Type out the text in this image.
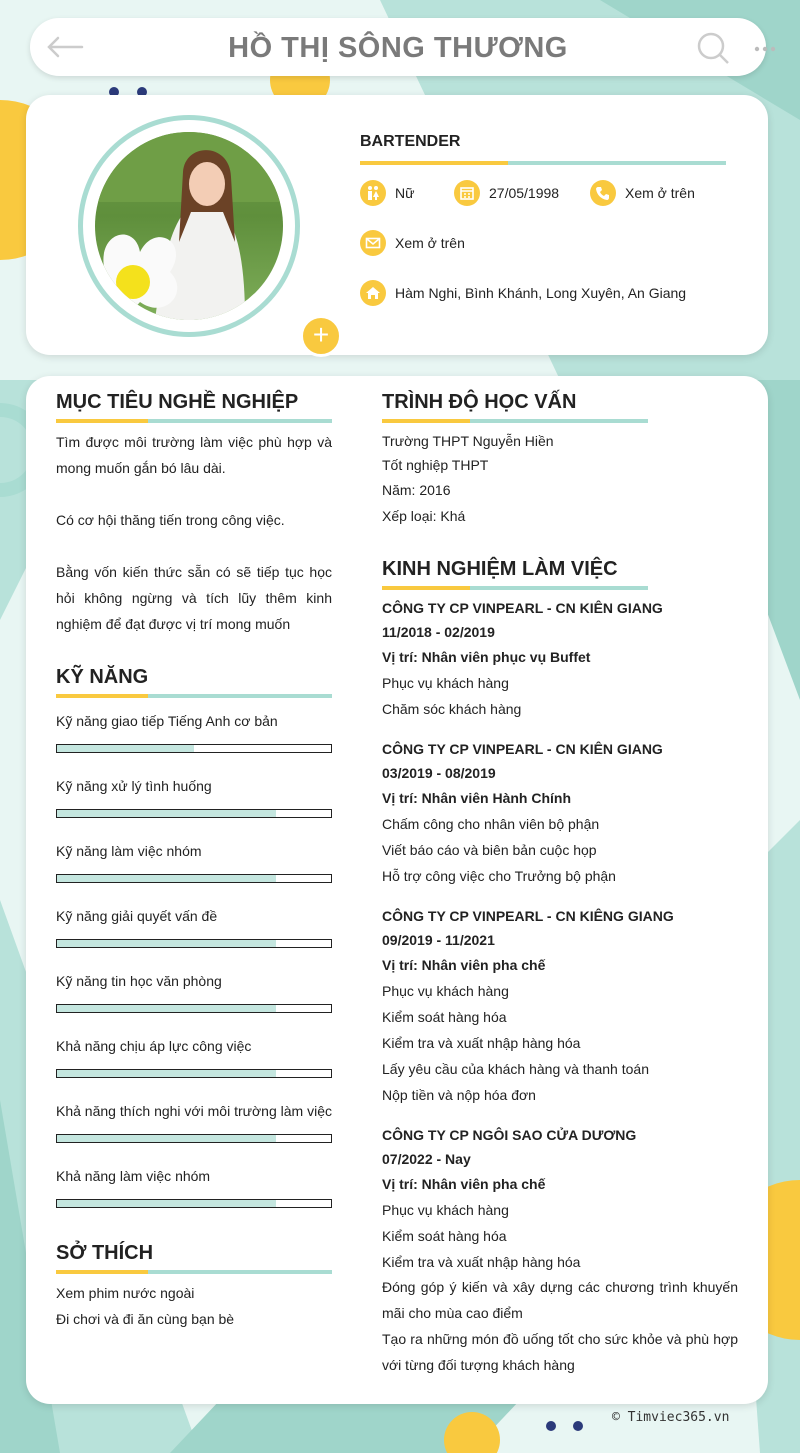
HỒ THỊ SÔNG THƯƠNG
+
BARTENDER
Nữ	27/05/1998	Xem ở trên
Xem ở trên
Hàm Nghi, Bình Khánh, Long Xuyên, An Giang
MỤC TIÊU NGHỀ NGHIỆP
Tìm được môi trường làm việc phù hợp và mong muốn gắn bó lâu dài.
Có cơ hội thăng tiến trong công việc.
Bằng vốn kiến thức sẵn có sẽ tiếp tục học hỏi không ngừng và tích lũy thêm kinh nghiệm để đạt được vị trí mong muốn
KỸ NĂNG
Kỹ năng giao tiếp Tiếng Anh cơ bản
Kỹ năng xử lý tình huống
Kỹ năng làm việc nhóm
Kỹ năng giải quyết vấn đề
Kỹ năng tin học văn phòng
Khả năng chịu áp lực công việc
Khả năng thích nghi với môi trường làm việc
Khả năng làm việc nhóm
SỞ THÍCH
Xem phim nước ngoài
Đi chơi và đi ăn cùng bạn bè
TRÌNH ĐỘ HỌC VẤN
Trường THPT Nguyễn Hiền
Tốt nghiệp THPT
Năm: 2016
Xếp loại: Khá
KINH NGHIỆM LÀM VIỆC
CÔNG TY CP VINPEARL - CN KIÊN GIANG
11/2018 - 02/2019
Vị trí: Nhân viên phục vụ Buffet
Phục vụ khách hàng
Chăm sóc khách hàng
CÔNG TY CP VINPEARL - CN KIÊN GIANG
03/2019 - 08/2019
Vị trí: Nhân viên Hành Chính
Chấm công cho nhân viên bộ phận
Viết báo cáo và biên bản cuộc họp
Hỗ trợ công việc cho Trưởng bộ phận
CÔNG TY CP VINPEARL - CN KIÊNG GIANG
09/2019 - 11/2021
Vị trí: Nhân viên pha chế
Phục vụ khách hàng
Kiểm soát hàng hóa
Kiểm tra và xuất nhập hàng hóa
Lấy yêu cầu của khách hàng và thanh toán
Nộp tiền và nộp hóa đơn
CÔNG TY CP NGÔI SAO CỬA DƯƠNG
07/2022 - Nay
Vị trí: Nhân viên pha chế
Phục vụ khách hàng
Kiểm soát hàng hóa
Kiểm tra và xuất nhập hàng hóa
Đóng góp ý kiến và xây dựng các chương trình khuyến mãi cho mùa cao điểm
Tạo ra những món đồ uống tốt cho sức khỏe và phù hợp với từng đối tượng khách hàng
© Timviec365.vn
